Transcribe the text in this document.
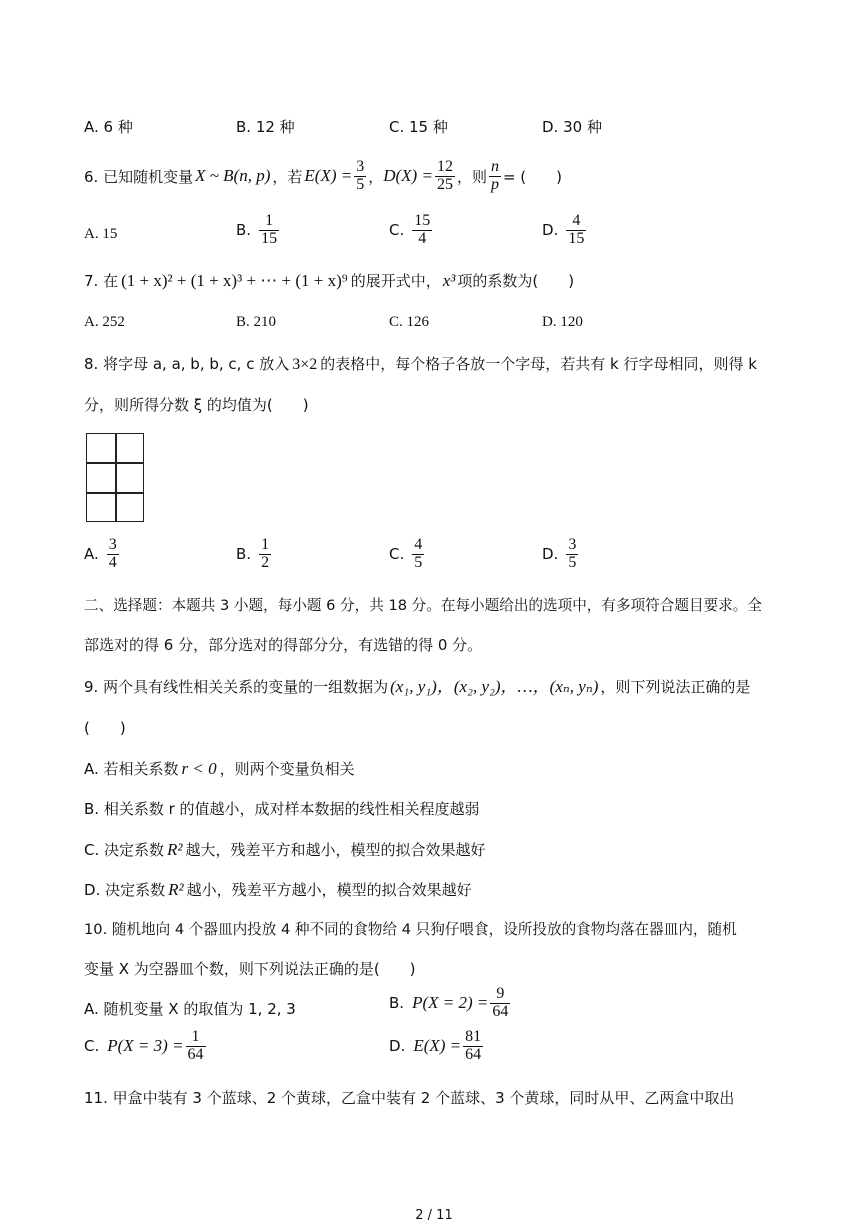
A. 6 种	B. 12 种	C. 15 种	D. 30 种
6. 已知随机变量 X ~ B(n, p) ，若 $E(X) = \frac{3}{5}$ ， $D(X) = \frac{12}{25}$ ，则 $\frac{n}{p}$ = (　　)
A. 15	B. $\frac{1}{15}$	C. $\frac{15}{4}$	D. $\frac{4}{15}$
7. 在 (1 + x)² + (1 + x)³ + ⋯ + (1 + x)⁹ 的展开式中， x³ 项的系数为(　　)
A. 252	B. 210	C. 126	D. 120
8. 将字母 a, a, b, b, c, c 放入 3×2 的表格中，每个格子各放一个字母，若共有 k 行字母相同，则得 k
分，则所得分数 ξ 的均值为(　　)
A. $\frac{3}{4}$	B. $\frac{1}{2}$	C. $\frac{4}{5}$	D. $\frac{3}{5}$
二、选择题：本题共 3 小题，每小题 6 分，共 18 分。在每小题给出的选项中，有多项符合题目要求。全
部选对的得 6 分，部分选对的得部分分，有选错的得 0 分。
9. 两个具有线性相关关系的变量的一组数据为 (x₁, y₁)，(x₂, y₂)，…，(xₙ, yₙ) ，则下列说法正确的是
(　　)
A. 若相关系数 r < 0 ，则两个变量负相关
B. 相关系数 r 的值越小，成对样本数据的线性相关程度越弱
C. 决定系数 R² 越大，残差平方和越小，模型的拟合效果越好
D. 决定系数 R² 越小，残差平方越小，模型的拟合效果越好
10. 随机地向 4 个器皿内投放 4 种不同的食物给 4 只狗仔喂食，设所投放的食物均落在器皿内，随机
变量 X 为空器皿个数，则下列说法正确的是(　　)
A. 随机变量 X 的取值为 1, 2, 3	B. $P(X = 2) = \frac{9}{64}$
C. $P(X = 3) = \frac{1}{64}$	D. $E(X) = \frac{81}{64}$
11. 甲盒中装有 3 个蓝球、2 个黄球，乙盒中装有 2 个蓝球、3 个黄球，同时从甲、乙两盒中取出
2 / 11
